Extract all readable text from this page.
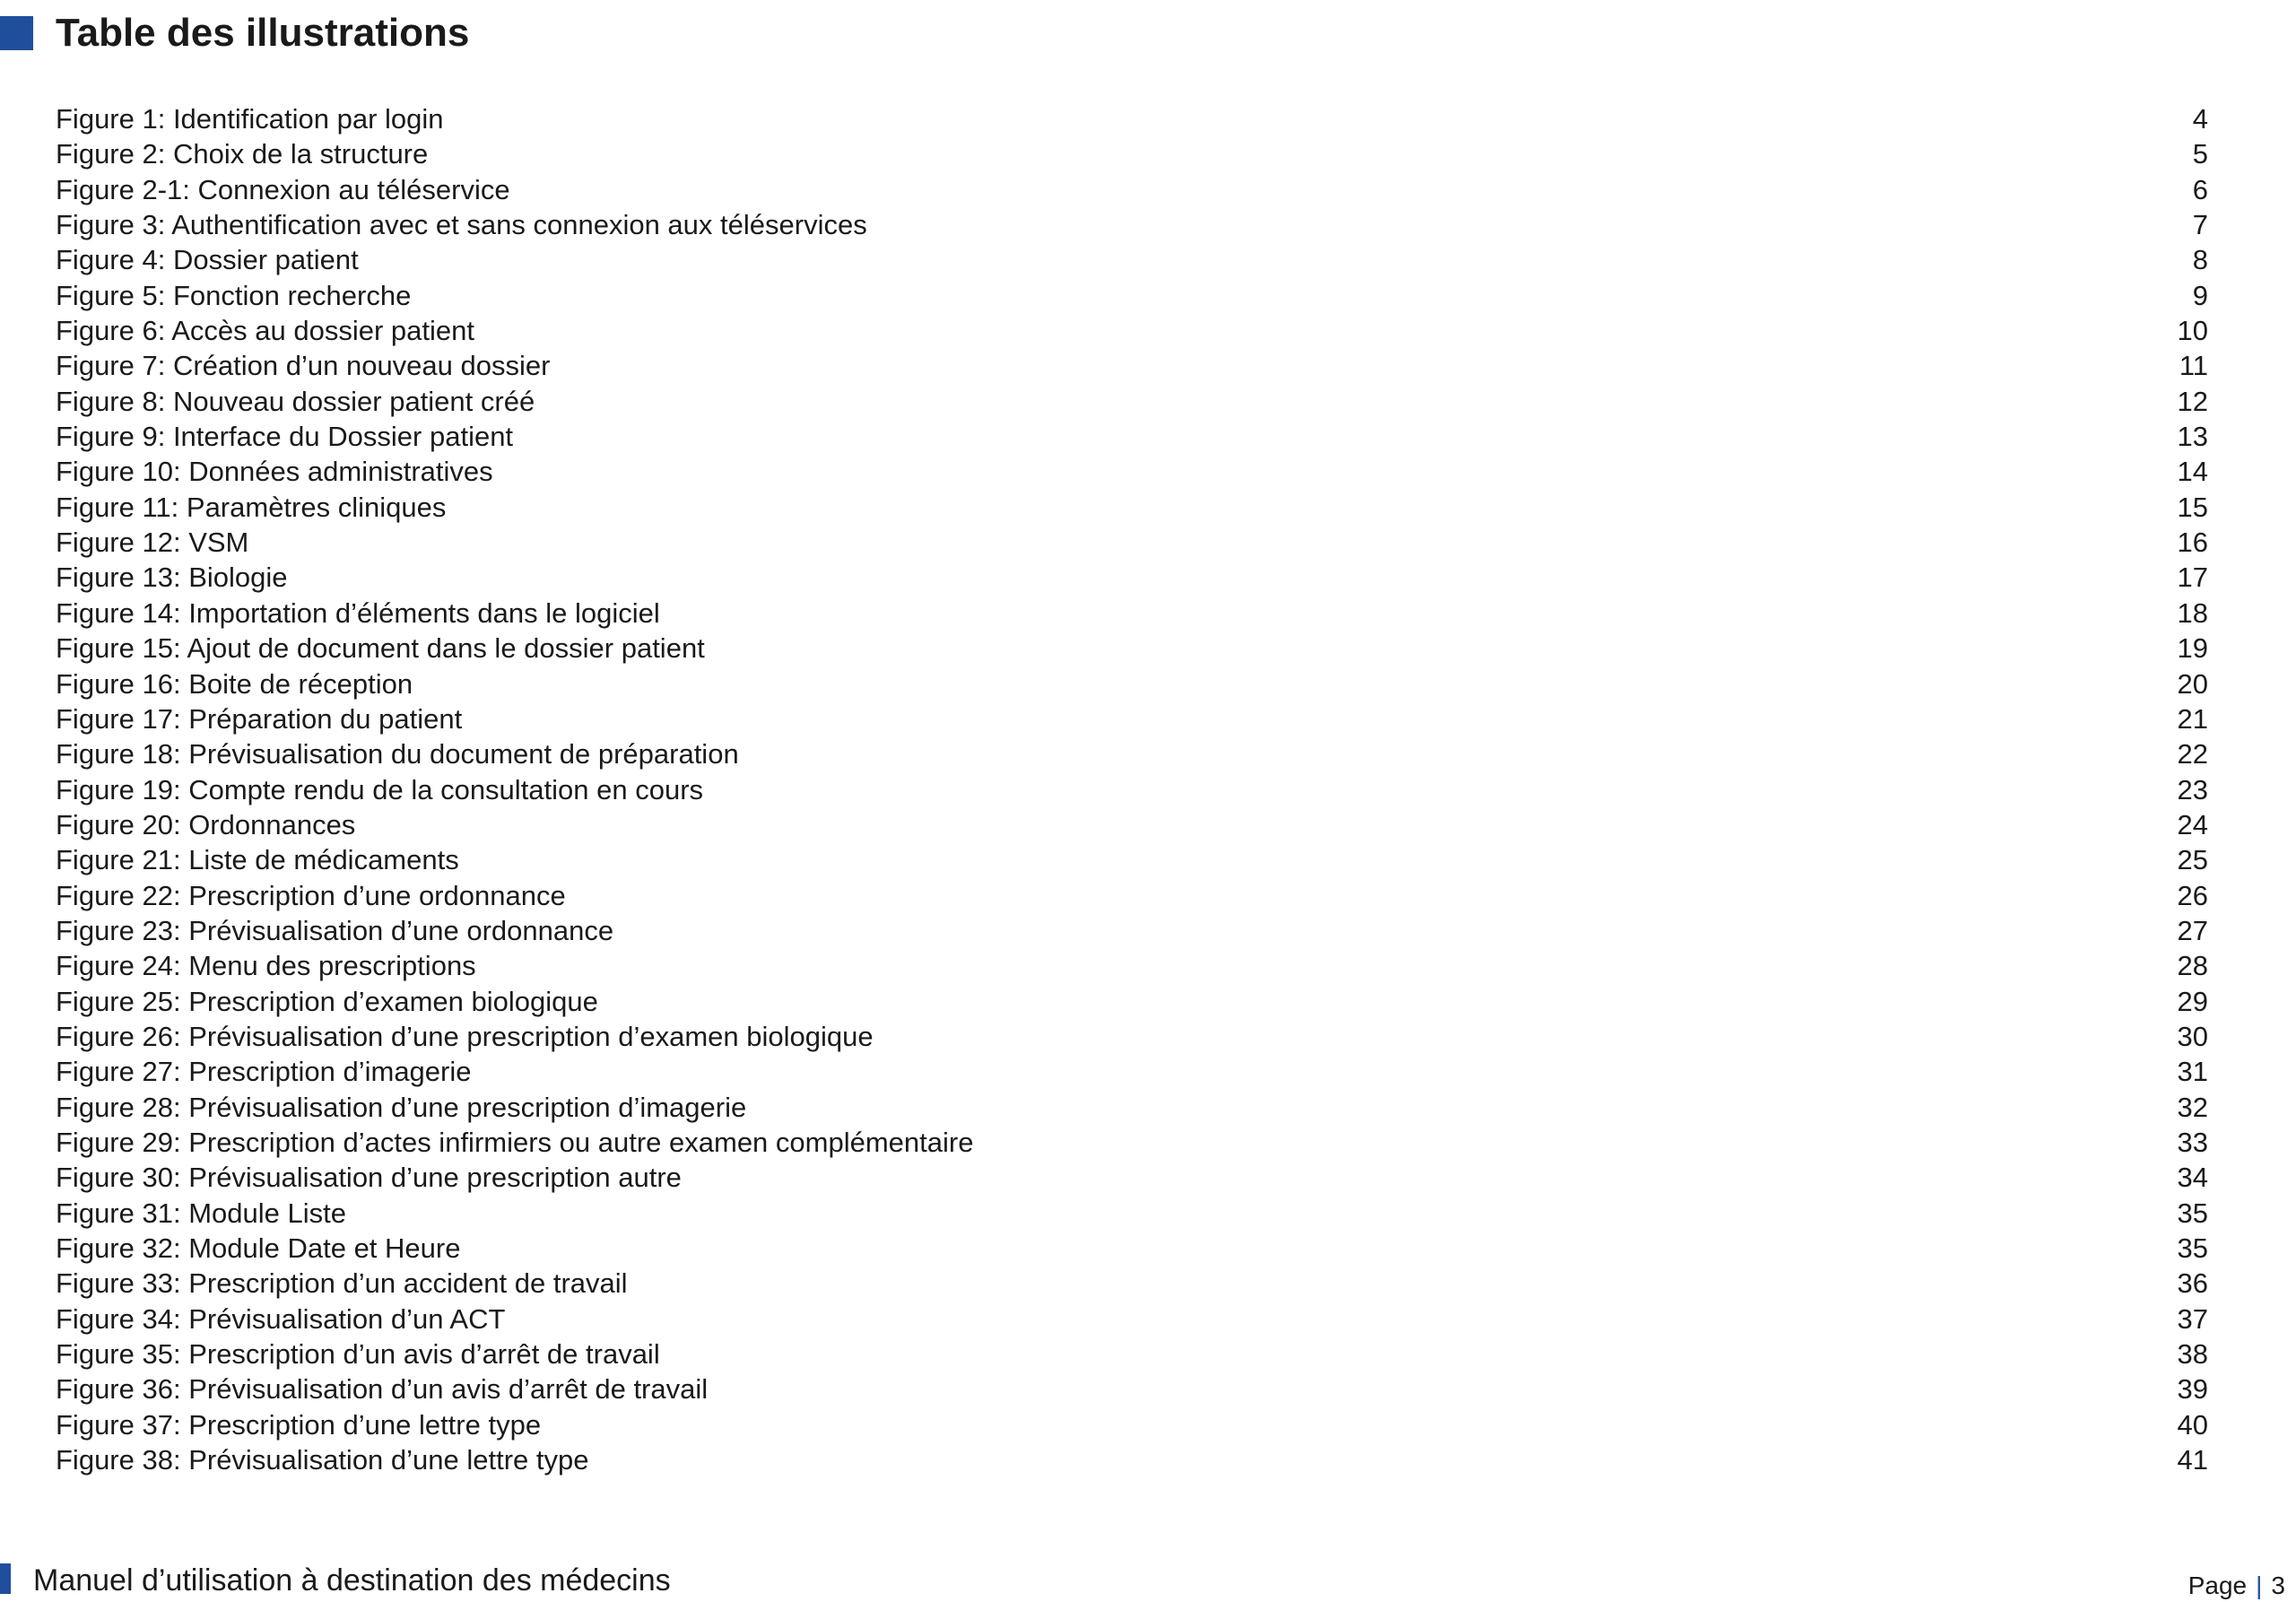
Table des illustrations
Figure 1: Identification par login	4
Figure 2: Choix de la structure	5
Figure 2-1: Connexion au téléservice	6
Figure 3: Authentification avec et sans connexion aux téléservices	7
Figure 4: Dossier patient	8
Figure 5: Fonction recherche	9
Figure 6: Accès au dossier patient	10
Figure 7: Création d’un nouveau dossier	11
Figure 8: Nouveau dossier patient créé	12
Figure 9: Interface du Dossier patient	13
Figure 10: Données administratives	14
Figure 11: Paramètres cliniques	15
Figure 12: VSM	16
Figure 13: Biologie	17
Figure 14: Importation d’éléments dans le logiciel	18
Figure 15: Ajout de document dans le dossier patient	19
Figure 16: Boite de réception	20
Figure 17: Préparation du patient	21
Figure 18: Prévisualisation du document de préparation	22
Figure 19: Compte rendu de la consultation en cours	23
Figure 20: Ordonnances	24
Figure 21: Liste de médicaments	25
Figure 22: Prescription d’une ordonnance	26
Figure 23: Prévisualisation d’une ordonnance	27
Figure 24: Menu des prescriptions	28
Figure 25: Prescription d’examen biologique	29
Figure 26: Prévisualisation d’une prescription d’examen biologique	30
Figure 27: Prescription d’imagerie	31
Figure 28: Prévisualisation d’une prescription d’imagerie	32
Figure 29: Prescription d’actes infirmiers ou autre examen complémentaire	33
Figure 30: Prévisualisation d’une prescription autre	34
Figure 31: Module Liste	35
Figure 32: Module Date et Heure	35
Figure 33: Prescription d’un accident de travail	36
Figure 34: Prévisualisation d’un ACT	37
Figure 35: Prescription d’un avis d’arrêt de travail	38
Figure 36: Prévisualisation d’un avis d’arrêt de travail	39
Figure 37: Prescription d’une lettre type	40
Figure 38: Prévisualisation d’une lettre type	41
Manuel d’utilisation à destination des médecins	Page | 3
